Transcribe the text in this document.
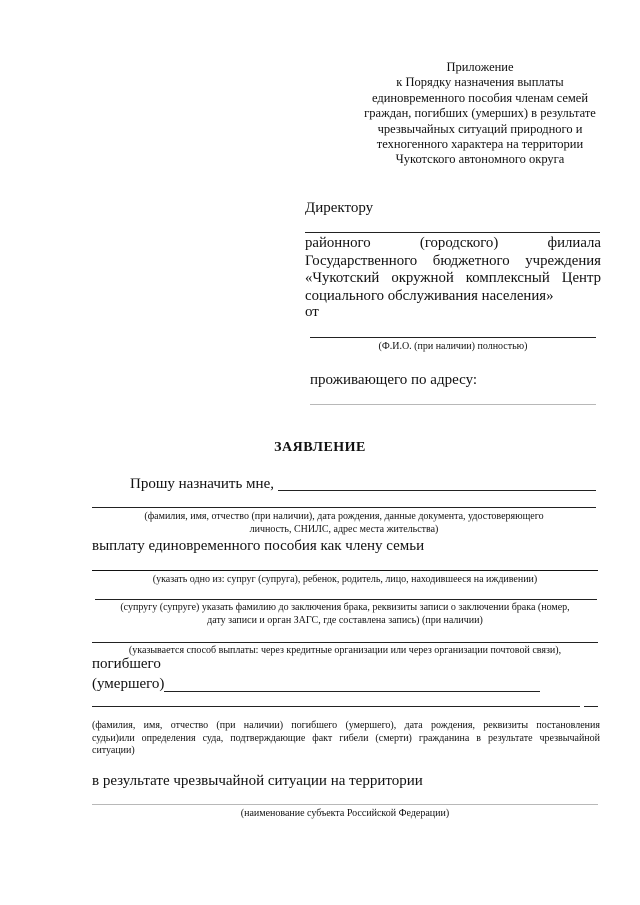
Приложение
к Порядку назначения выплаты
единовременного пособия членам семей
граждан, погибших (умерших) в результате
чрезвычайных ситуаций природного и
техногенного характера на территории
Чукотского автономного округа
Директору
районного (городского) филиала
Государственного бюджетного учреждения
«Чукотский окружной комплексный Центр
социального обслуживания населения»
от
(Ф.И.О. (при наличии) полностью)
проживающего по адресу:
ЗАЯВЛЕНИЕ
Прошу назначить мне,
(фамилия, имя, отчество (при наличии), дата рождения, данные документа, удостоверяющего
личность, СНИЛС, адрес места жительства)
выплату единовременного пособия как члену семьи
(указать одно из: супруг (супруга), ребенок, родитель, лицо, находившееся на иждивении)
(супругу (супруге) указать фамилию до заключения брака, реквизиты записи о заключении брака (номер,
дату записи и орган ЗАГС, где составлена запись) (при наличии)
(указывается способ выплаты: через кредитные организации или через организации почтовой связи),
погибшего
(умершего)
(фамилия, имя, отчество (при наличии) погибшего (умершего), дата рождения, реквизиты постановления
судьи)или определения суда, подтверждающие факт гибели (смерти) гражданина в результате чрезвычайной
ситуации)
в результате чрезвычайной ситуации на территории
(наименование субъекта Российской Федерации)
